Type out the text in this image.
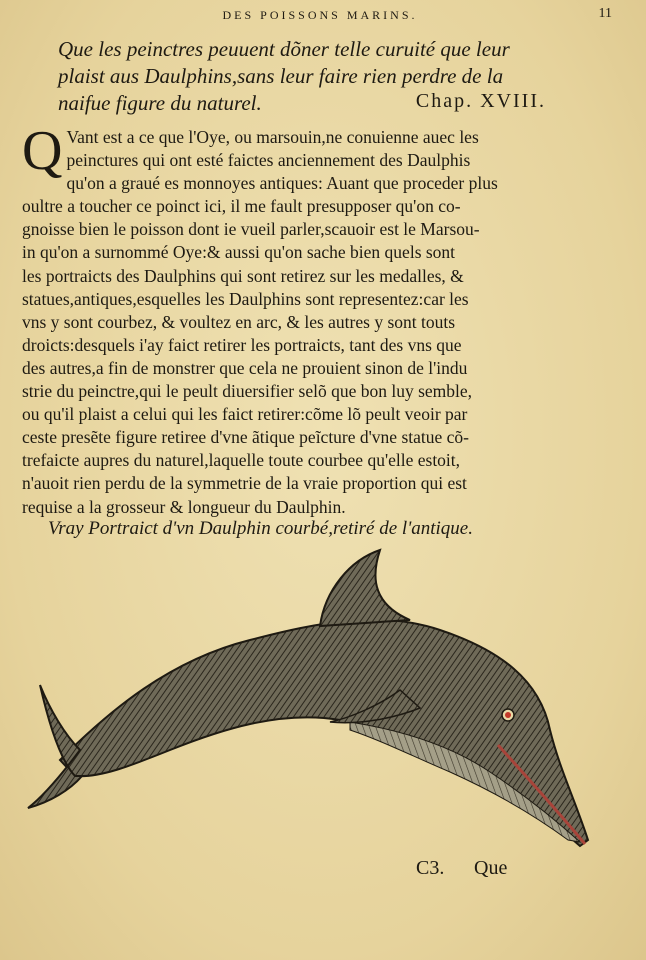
DES POISSONS MARINS.	11
Que les peinctres peuuent dõner telle curuité que leur
plaist aus Daulphins,sans leur faire rien perdre de la
naifue figure du naturel.	Chap. XVIII.
Q Vant est a ce que l'Oye, ou marsouin,ne conuienne auec les
peinctures qui ont esté faictes anciennement des Daulphis
qu'on a graué es monnoyes antiques: Auant que proceder plus
oultre a toucher ce poinct ici, il me fault presupposer qu'on co-
gnoisse bien le poisson dont ie vueil parler,scauoir est le Marsou-
in qu'on a surnommé Oye:& aussi qu'on sache bien quels sont
les portraicts des Daulphins qui sont retirez sur les medalles, &
statues,antiques,esquelles les Daulphins sont representez:car les
vns y sont courbez, & voultez en arc, & les autres y sont touts
droicts:desquels i'ay faict retirer les portraicts, tant des vns que
des autres,a fin de monstrer que cela ne prouient sinon de l'indu
strie du peinctre,qui le peult diuersifier selõ que bon luy semble,
ou qu'il plaist a celui qui les faict retirer:cõme lõ peult veoir par
ceste presẽte figure retiree d'vne ãtique peĩcture d'vne statue cõ-
trefaicte aupres du naturel,laquelle toute courbee qu'elle estoit,
n'auoit rien perdu de la symmetrie de la vraie proportion qui est
requise a la grosseur & longueur du Daulphin.
Vray Portraict d'vn Daulphin courbé,retiré de l'antique.
C3. Que
